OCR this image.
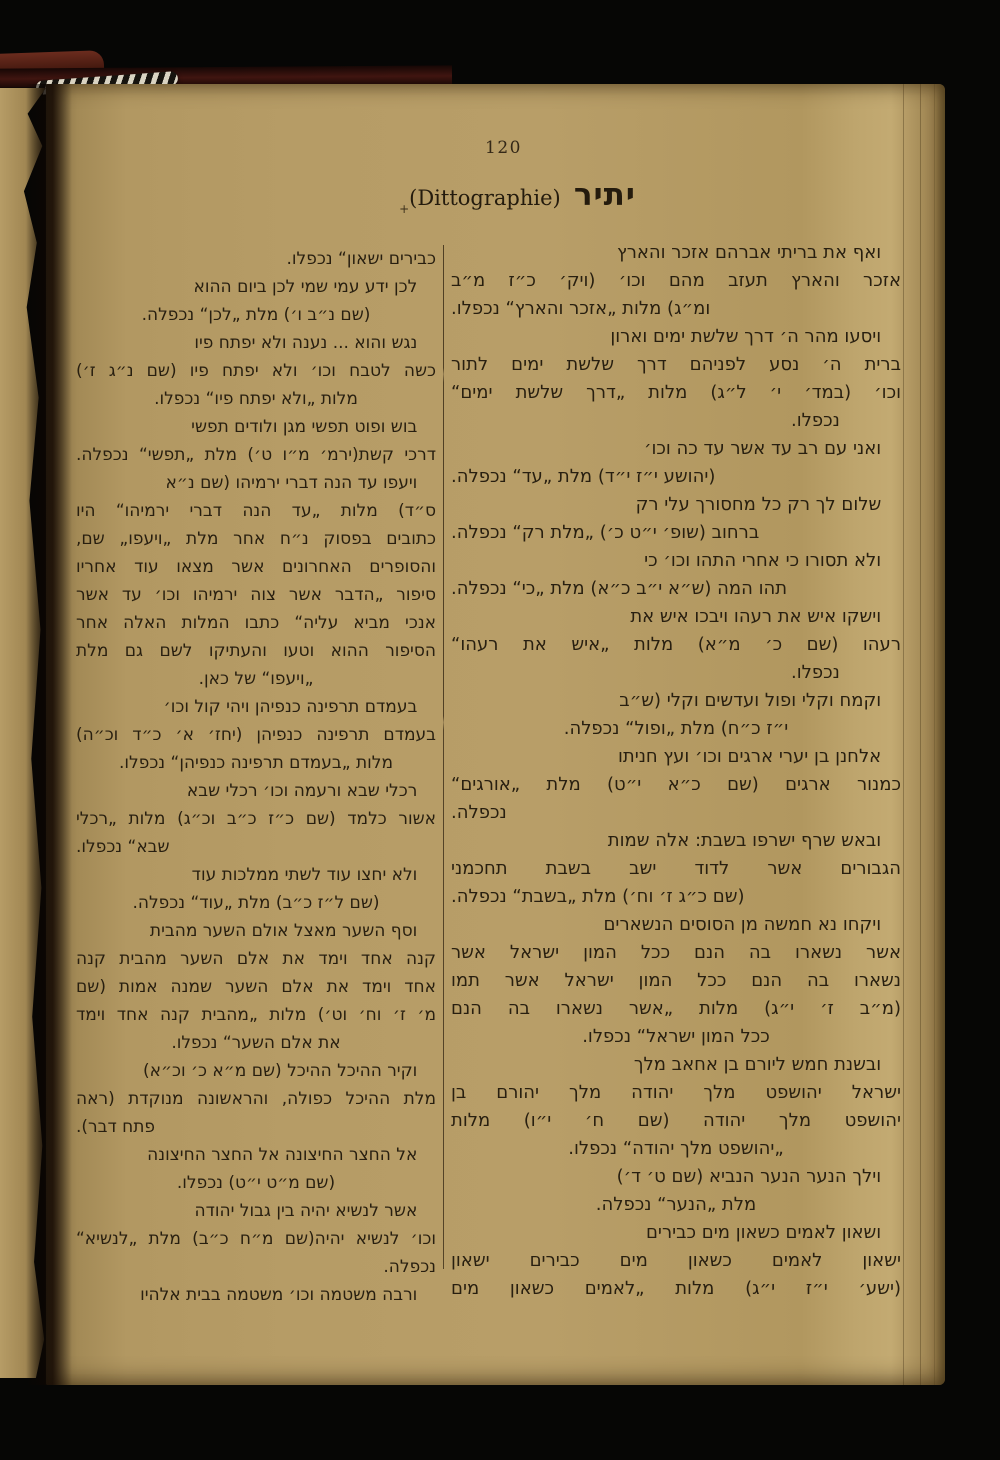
120
יתיר $(Dittographie)_+$
ואף את בריתי אברהם אזכר והארץ
אזכר והארץ תעזב מהם וכו׳ (ויק׳ כ״ז מ״ב
ומ״ג) מלות „אזכר והארץ“ נכפלו.
ויסעו מהר ה׳ דרך שלשת ימים וארון
ברית ה׳ נסע לפניהם דרך שלשת ימים לתור
וכו׳ (במד׳ י׳ ל״ג) מלות „דרך שלשת ימים“
נכפלו.
ואני עם רב עד אשר עד כה וכו׳
(יהושע י״ז י״ד) מלת „עד“ נכפלה.
שלום לך רק כל מחסורך עלי רק
ברחוב (שופ׳ י״ט כ׳) „מלת רק“ נכפלה.
ולא תסורו כי אחרי התהו וכו׳ כי
תהו המה (ש״א י״ב כ״א) מלת „כי“ נכפלה.
וישקו איש את רעהו ויבכו איש את
רעהו (שם כ׳ מ״א) מלות „איש את רעהו“
נכפלו.
וקמח וקלי ופול ועדשים וקלי (ש״ב
י״ז כ״ח) מלת „ופול“ נכפלה.
אלחנן בן יערי ארגים וכו׳ ועץ חניתו
כמנור ארגים (שם כ״א י״ט) מלת „אורגים“
נכפלה.
ובאש שרף ישרפו בשבת: אלה שמות
הגבורים אשר לדוד ישב בשבת תחכמני
(שם כ״ג ז׳ וח׳) מלת „בשבת“ נכפלה.
ויקחו נא חמשה מן הסוסים הנשארים
אשר נשארו בה הנם ככל המון ישראל אשר
נשארו בה הנם ככל המון ישראל אשר תמו
(מ״ב ז׳ י״ג) מלות „אשר נשארו בה הנם
ככל המון ישראל“ נכפלו.
ובשנת חמש ליורם בן אחאב מלך
ישראל יהושפט מלך יהודה מלך יהורם בן
יהושפט מלך יהודה (שם ח׳ י״ו) מלות
„יהושפט מלך יהודה“ נכפלו.
וילך הנער הנער הנביא (שם ט׳ ד׳)
מלת „הנער“ נכפלה.
ושאון לאמים כשאון מים כבירים
ישאון לאמים כשאון מים כבירים ישאון
(ישע׳ י״ז י״ג) מלות „לאמים כשאון מים
כבירים ישאון“ נכפלו.
לכן ידע עמי שמי לכן ביום ההוא
(שם נ״ב ו׳) מלת „לכן“ נכפלה.
נגש והוא ... נענה ולא יפתח פיו
כשה לטבח וכו׳ ולא יפתח פיו (שם נ״ג ז׳)
מלות „ולא יפתח פיו“ נכפלו.
בוש ופוט תפשי מגן ולודים תפשי
דרכי קשת(ירמ׳ מ״ו ט׳) מלת „תפשי“ נכפלה.
ויעפו עד הנה דברי ירמיהו (שם נ״א
ס״ד) מלות „עד הנה דברי ירמיהו“ היו
כתובים בפסוק נ״ח אחר מלת „ויעפו„ שם,
והסופרים האחרונים אשר מצאו עוד אחריו
סיפור „הדבר אשר צוה ירמיהו וכו׳ עד אשר
אנכי מביא עליה“ כתבו המלות האלה אחר
הסיפור ההוא וטעו והעתיקו לשם גם מלת
„ויעפו“ של כאן.
בעמדם תרפינה כנפיהן ויהי קול וכו׳
בעמדם תרפינה כנפיהן (יחז׳ א׳ כ״ד וכ״ה)
מלות „בעמדם תרפינה כנפיהן“ נכפלו.
רכלי שבא ורעמה וכו׳ רכלי שבא
אשור כלמד (שם כ״ז כ״ב וכ״ג) מלות „רכלי
שבא“ נכפלו.
ולא יחצו עוד לשתי ממלכות עוד
(שם ל״ז כ״ב) מלת „עוד“ נכפלה.
וסף השער מאצל אולם השער מהבית
קנה אחד וימד את אלם השער מהבית קנה
אחד וימד את אלם השער שמנה אמות (שם
מ׳ ז׳ וח׳ וט׳) מלות „מהבית קנה אחד וימד
את אלם השער“ נכפלו.
וקיר ההיכל ההיכל (שם מ״א כ׳ וכ״א)
מלת ההיכל כפולה, והראשונה מנוקדת (ראה
פתח דבר).
אל החצר החיצונה אל החצר החיצונה
(שם מ״ט י״ט) נכפלו.
אשר לנשיא יהיה בין גבול יהודה
וכו׳ לנשיא יהיה(שם מ״ח כ״ב) מלת „לנשיא“
נכפלה.
ורבה משטמה וכו׳ משטמה בבית אלהיו
